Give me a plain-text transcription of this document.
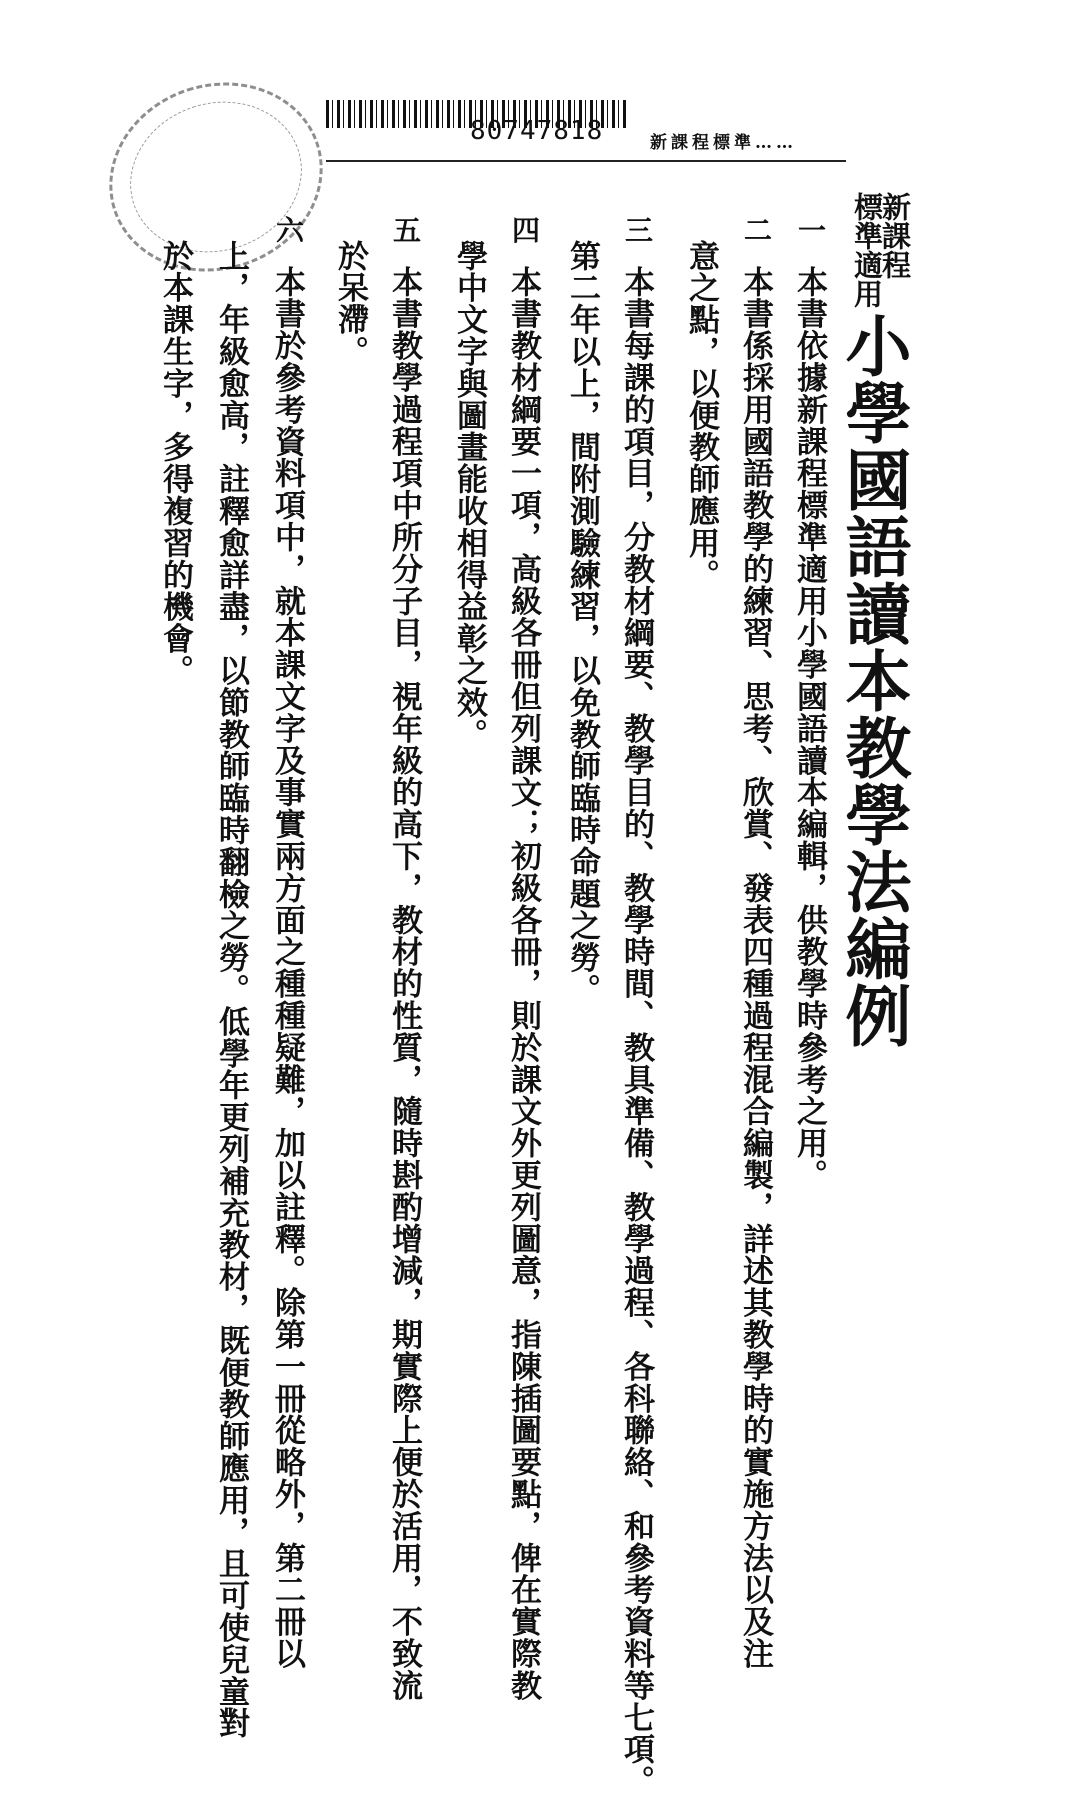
80747818	新課程標準……
新課程
標準適用
小學國語讀本教學法編例
一
本書依據新課程標準適用小學國語讀本編輯，供教學時參考之用。
二
本書係採用國語教學的練習、思考、欣賞、發表四種過程混合編製，詳述其教學時的實施方法以及注
意之點，以便教師應用。
三
本書每課的項目，分教材綱要、教學目的、教學時間、教具準備、教學過程、各科聯絡、和參考資料等七項。
第二年以上，間附測驗練習，以免教師臨時命題之勞。
四
本書教材綱要一項，高級各冊但列課文；初級各冊，則於課文外更列圖意，指陳插圖要點，俾在實際教
學中文字與圖畫能收相得益彰之效。
五
本書教學過程項中所分子目，視年級的高下，教材的性質，隨時斟酌增減，期實際上便於活用，不致流
於呆滯。
六
本書於參考資料項中，就本課文字及事實兩方面之種種疑難，加以註釋。除第一冊從略外，第二冊以
上，年級愈高，註釋愈詳盡，以節教師臨時翻檢之勞。低學年更列補充教材，既便教師應用，且可使兒童對
於本課生字，多得複習的機會。
